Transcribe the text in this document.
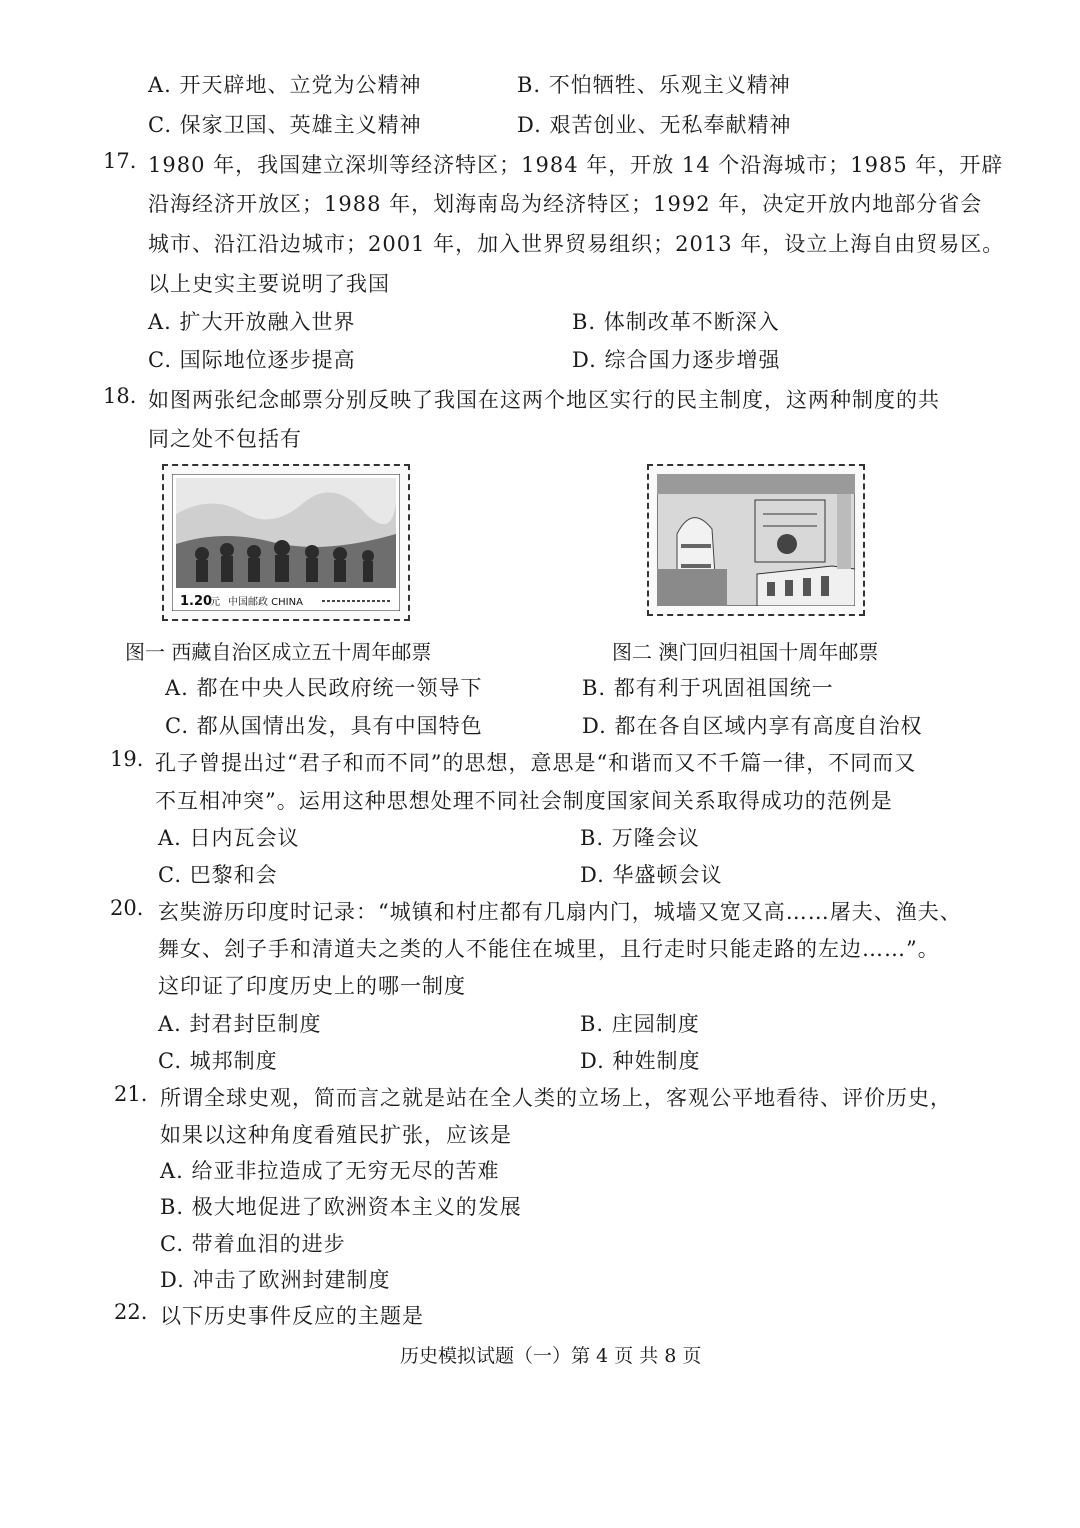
A. 开天辟地、立党为公精神	B. 不怕牺牲、乐观主义精神
C. 保家卫国、英雄主义精神	D. 艰苦创业、无私奉献精神
17. 1980 年，我国建立深圳等经济特区；1984 年，开放 14 个沿海城市；1985 年，开辟
沿海经济开放区；1988 年，划海南岛为经济特区；1992 年，决定开放内地部分省会
城市、沿江沿边城市；2001 年，加入世界贸易组织；2013 年，设立上海自由贸易区。
以上史实主要说明了我国
A. 扩大开放融入世界	B. 体制改革不断深入
C. 国际地位逐步提高	D. 综合国力逐步增强
18. 如图两张纪念邮票分别反映了我国在这两个地区实行的民主制度，这两种制度的共
同之处不包括有
1.20
元 中国邮政 CHINA
图一 西藏自治区成立五十周年邮票	图二 澳门回归祖国十周年邮票
A. 都在中央人民政府统一领导下	B. 都有利于巩固祖国统一
C. 都从国情出发，具有中国特色	D. 都在各自区域内享有高度自治权
19. 孔子曾提出过“君子和而不同”的思想，意思是“和谐而又不千篇一律，不同而又
不互相冲突”。运用这种思想处理不同社会制度国家间关系取得成功的范例是
A. 日内瓦会议	B. 万隆会议
C. 巴黎和会	D. 华盛顿会议
20. 玄奘游历印度时记录：“城镇和村庄都有几扇内门，城墙又宽又高……屠夫、渔夫、
舞女、刽子手和清道夫之类的人不能住在城里，且行走时只能走路的左边……”。
这印证了印度历史上的哪一制度
A. 封君封臣制度	B. 庄园制度
C. 城邦制度	D. 种姓制度
21. 所谓全球史观，简而言之就是站在全人类的立场上，客观公平地看待、评价历史，
如果以这种角度看殖民扩张，应该是
A. 给亚非拉造成了无穷无尽的苦难
B. 极大地促进了欧洲资本主义的发展
C. 带着血泪的进步
D. 冲击了欧洲封建制度
22. 以下历史事件反应的主题是
历史模拟试题（一）第 4 页 共 8 页
